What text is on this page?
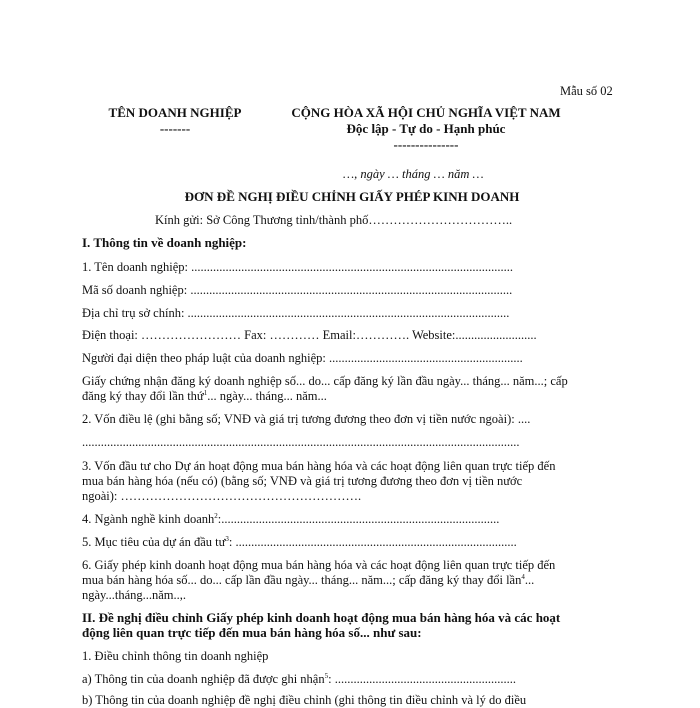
Mẫu số 02
TÊN DOANH NGHIỆP
-------
CỘNG HÒA XÃ HỘI CHỦ NGHĨA VIỆT NAM
Độc lập - Tự do - Hạnh phúc
---------------
…, ngày … tháng … năm …
ĐƠN ĐỀ NGHỊ ĐIỀU CHỈNH GIẤY PHÉP KINH DOANH
Kính gửi: Sở Công Thương tỉnh/thành phố……………………………..
I. Thông tin về doanh nghiệp:
1. Tên doanh nghiệp: .......................................................................................................
Mã số doanh nghiệp: .......................................................................................................
Địa chỉ trụ sở chính: .......................................................................................................
Điện thoại: …………………… Fax: ………… Email:…………. Website:..........................
Người đại diện theo pháp luật của doanh nghiệp: ..............................................................
Giấy chứng nhận đăng ký doanh nghiệp số... do... cấp đăng ký lần đầu ngày... tháng... năm...; cấp
đăng ký thay đổi lần thứ$^1$... ngày... tháng... năm...
2. Vốn điều lệ (ghi bằng số; VNĐ và giá trị tương đương theo đơn vị tiền nước ngoài): ....
............................................................................................................................................
3. Vốn đầu tư cho Dự án hoạt động mua bán hàng hóa và các hoạt động liên quan trực tiếp đến
mua bán hàng hóa (nếu có) (bằng số; VNĐ và giá trị tương đương theo đơn vị tiền nước
ngoài): ………………………………………………….
4. Ngành nghề kinh doanh$^2$:.........................................................................................
5. Mục tiêu của dự án đầu $tư^3$: ..........................................................................................
6. Giấy phép kinh doanh hoạt động mua bán hàng hóa và các hoạt động liên quan trực tiếp đến
mua bán hàng hóa số... do... cấp lần đầu ngày... tháng... năm...; cấp đăng ký thay đổi lần$^4$...
ngày...tháng...năm..,.
II. Đề nghị điều chỉnh Giấy phép kinh doanh hoạt động mua bán hàng hóa và các hoạt
động liên quan trực tiếp đến mua bán hàng hóa số... như sau:
1. Điều chỉnh thông tin doanh nghiệp
a) Thông tin của doanh nghiệp đã được ghi nhận$^5$: ..........................................................
b) Thông tin của doanh nghiệp đề nghị điều chỉnh (ghi thông tin điều chỉnh và lý do điều
